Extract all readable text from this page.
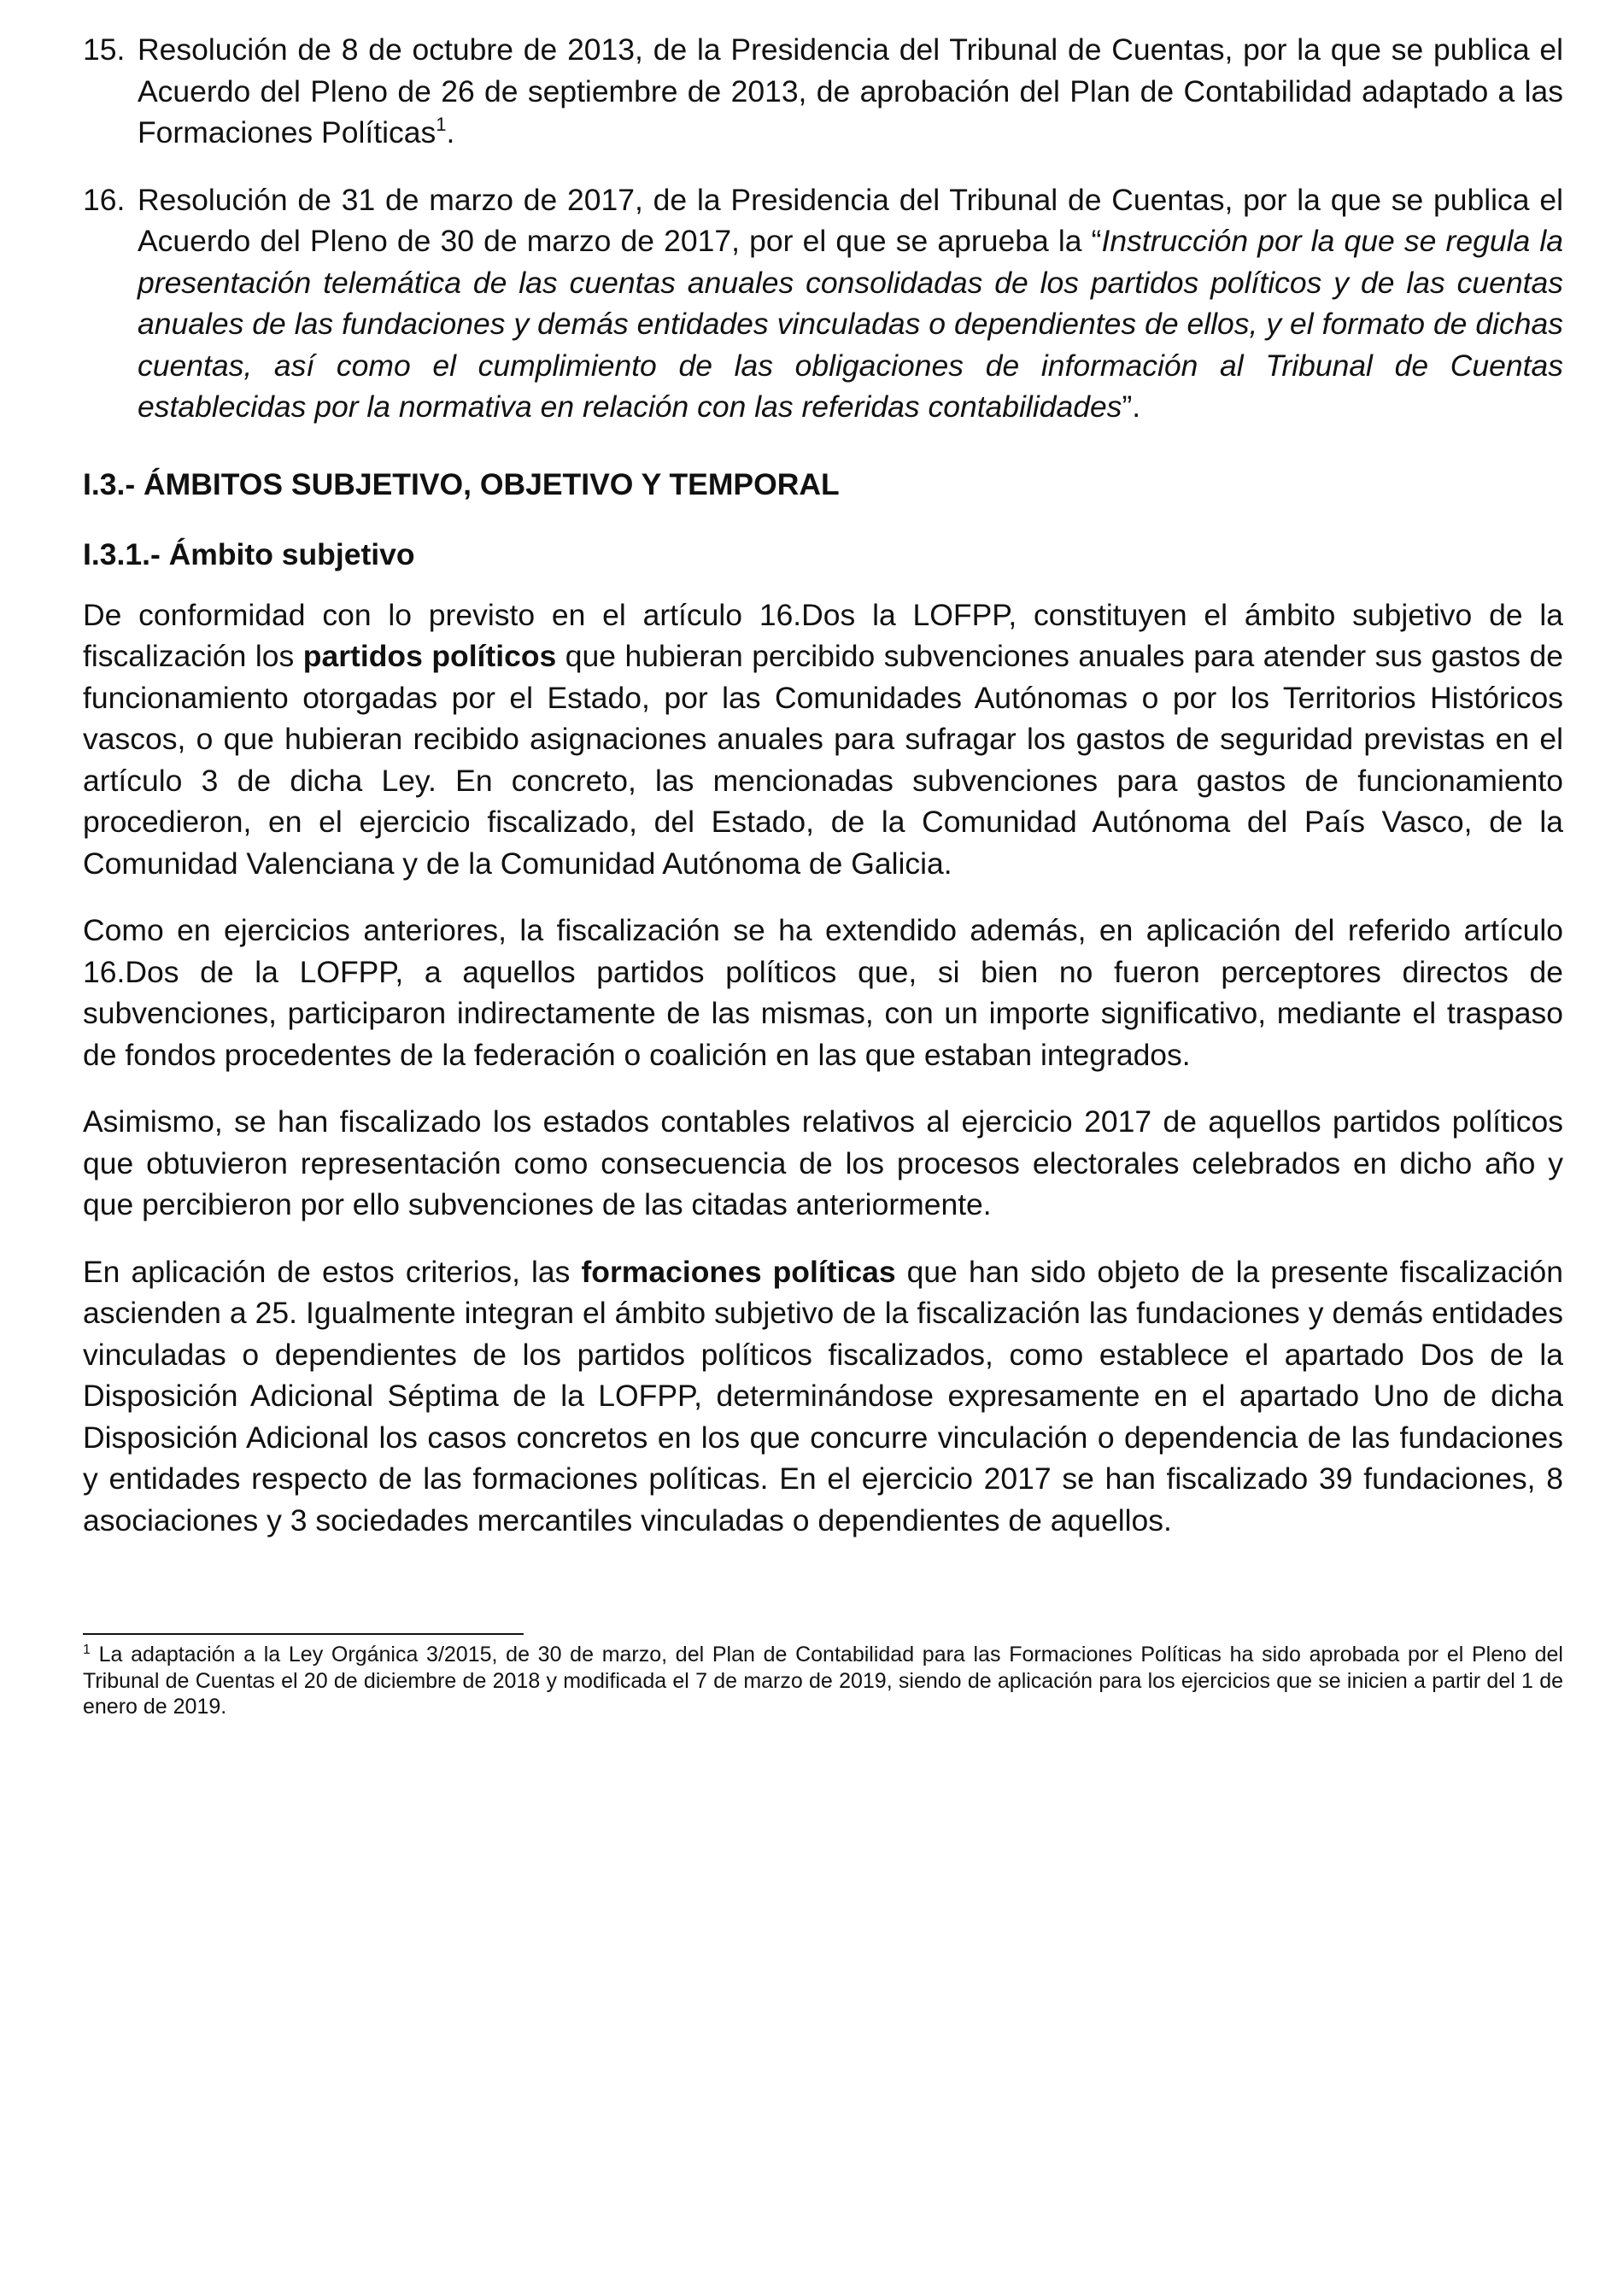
15. Resolución de 8 de octubre de 2013, de la Presidencia del Tribunal de Cuentas, por la que se publica el Acuerdo del Pleno de 26 de septiembre de 2013, de aprobación del Plan de Contabilidad adaptado a las Formaciones Políticas$^1$.
16. Resolución de 31 de marzo de 2017, de la Presidencia del Tribunal de Cuentas, por la que se publica el Acuerdo del Pleno de 30 de marzo de 2017, por el que se aprueba la “Instrucción por la que se regula la presentación telemática de las cuentas anuales consolidadas de los partidos políticos y de las cuentas anuales de las fundaciones y demás entidades vinculadas o dependientes de ellos, y el formato de dichas cuentas, así como el cumplimiento de las obligaciones de información al Tribunal de Cuentas establecidas por la normativa en relación con las referidas contabilidades”.
I.3.- ÁMBITOS SUBJETIVO, OBJETIVO Y TEMPORAL
I.3.1.- Ámbito subjetivo

De conformidad con lo previsto en el artículo 16.Dos la LOFPP, constituyen el ámbito subjetivo de la fiscalización los partidos políticos que hubieran percibido subvenciones anuales para atender sus gastos de funcionamiento otorgadas por el Estado, por las Comunidades Autónomas o por los Territorios Históricos vascos, o que hubieran recibido asignaciones anuales para sufragar los gastos de seguridad previstas en el artículo 3 de dicha Ley. En concreto, las mencionadas subvenciones para gastos de funcionamiento procedieron, en el ejercicio fiscalizado, del Estado, de la Comunidad Autónoma del País Vasco, de la Comunidad Valenciana y de la Comunidad Autónoma de Galicia.

Como en ejercicios anteriores, la fiscalización se ha extendido además, en aplicación del referido artículo 16.Dos de la LOFPP, a aquellos partidos políticos que, si bien no fueron perceptores directos de subvenciones, participaron indirectamente de las mismas, con un importe significativo, mediante el traspaso de fondos procedentes de la federación o coalición en las que estaban integrados.

Asimismo, se han fiscalizado los estados contables relativos al ejercicio 2017 de aquellos partidos políticos que obtuvieron representación como consecuencia de los procesos electorales celebrados en dicho año y que percibieron por ello subvenciones de las citadas anteriormente.

En aplicación de estos criterios, las formaciones políticas que han sido objeto de la presente fiscalización ascienden a 25. Igualmente integran el ámbito subjetivo de la fiscalización las fundaciones y demás entidades vinculadas o dependientes de los partidos políticos fiscalizados, como establece el apartado Dos de la Disposición Adicional Séptima de la LOFPP, determinándose expresamente en el apartado Uno de dicha Disposición Adicional los casos concretos en los que concurre vinculación o dependencia de las fundaciones y entidades respecto de las formaciones políticas. En el ejercicio 2017 se han fiscalizado 39 fundaciones, 8 asociaciones y 3 sociedades mercantiles vinculadas o dependientes de aquellos.

$^1$ La adaptación a la Ley Orgánica 3/2015, de 30 de marzo, del Plan de Contabilidad para las Formaciones Políticas ha sido aprobada por el Pleno del Tribunal de Cuentas el 20 de diciembre de 2018 y modificada el 7 de marzo de 2019, siendo de aplicación para los ejercicios que se inicien a partir del 1 de enero de 2019.
